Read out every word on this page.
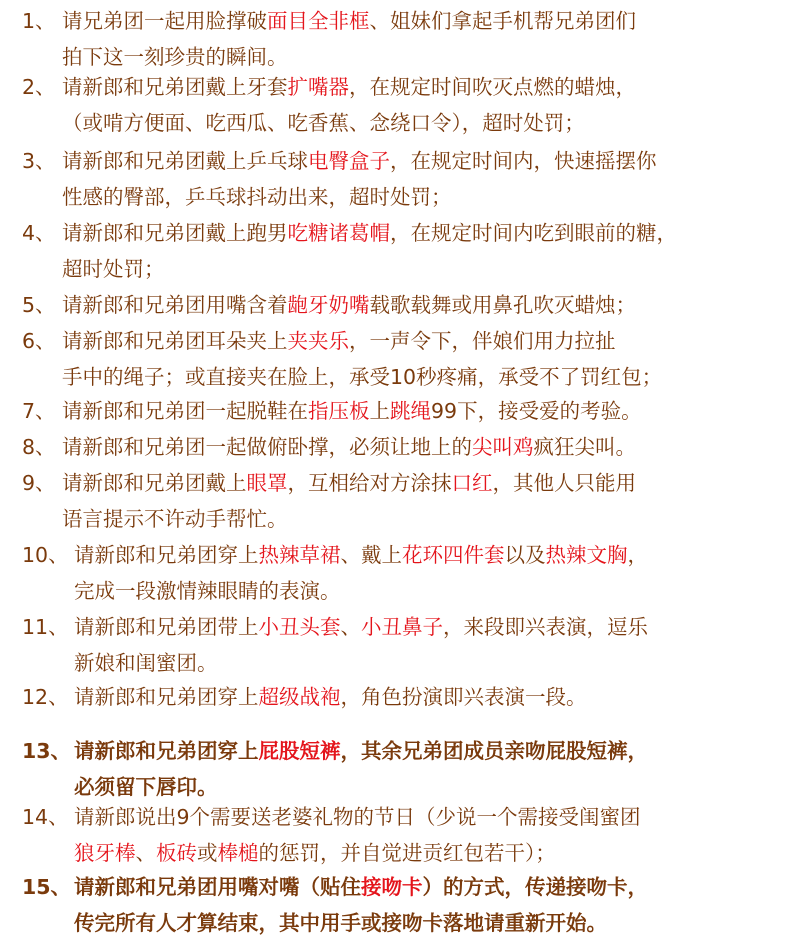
1、 请兄弟团一起用脸撑破面目全非框、姐妹们拿起手机帮兄弟团们
拍下这一刻珍贵的瞬间。
2、 请新郎和兄弟团戴上牙套扩嘴器，在规定时间吹灭点燃的蜡烛，
（或啃方便面、吃西瓜、吃香蕉、念绕口令），超时处罚；
3、 请新郎和兄弟团戴上乒乓球电臀盒子，在规定时间内，快速摇摆你
性感的臀部，乒乓球抖动出来，超时处罚；
4、 请新郎和兄弟团戴上跑男吃糖诸葛帽，在规定时间内吃到眼前的糖，
超时处罚；
5、 请新郎和兄弟团用嘴含着龅牙奶嘴载歌载舞或用鼻孔吹灭蜡烛；
6、 请新郎和兄弟团耳朵夹上夹夹乐，一声令下，伴娘们用力拉扯
手中的绳子；或直接夹在脸上，承受10秒疼痛，承受不了罚红包；
7、 请新郎和兄弟团一起脱鞋在指压板上跳绳99下，接受爱的考验。
8、 请新郎和兄弟团一起做俯卧撑，必须让地上的尖叫鸡疯狂尖叫。
9、 请新郎和兄弟团戴上眼罩，互相给对方涂抹口红，其他人只能用
语言提示不许动手帮忙。
10、 请新郎和兄弟团穿上热辣草裙、戴上花环四件套以及热辣文胸，
完成一段激情辣眼睛的表演。
11、 请新郎和兄弟团带上小丑头套、小丑鼻子，来段即兴表演，逗乐
新娘和闺蜜团。
12、 请新郎和兄弟团穿上超级战袍，角色扮演即兴表演一段。
13、 请新郎和兄弟团穿上屁股短裤，其余兄弟团成员亲吻屁股短裤，
必须留下唇印。
14、 请新郎说出9个需要送老婆礼物的节日（少说一个需接受闺蜜团
狼牙棒、板砖或棒槌的惩罚，并自觉进贡红包若干）；
15、 请新郎和兄弟团用嘴对嘴（贴住接吻卡）的方式，传递接吻卡，
传完所有人才算结束，其中用手或接吻卡落地请重新开始。
